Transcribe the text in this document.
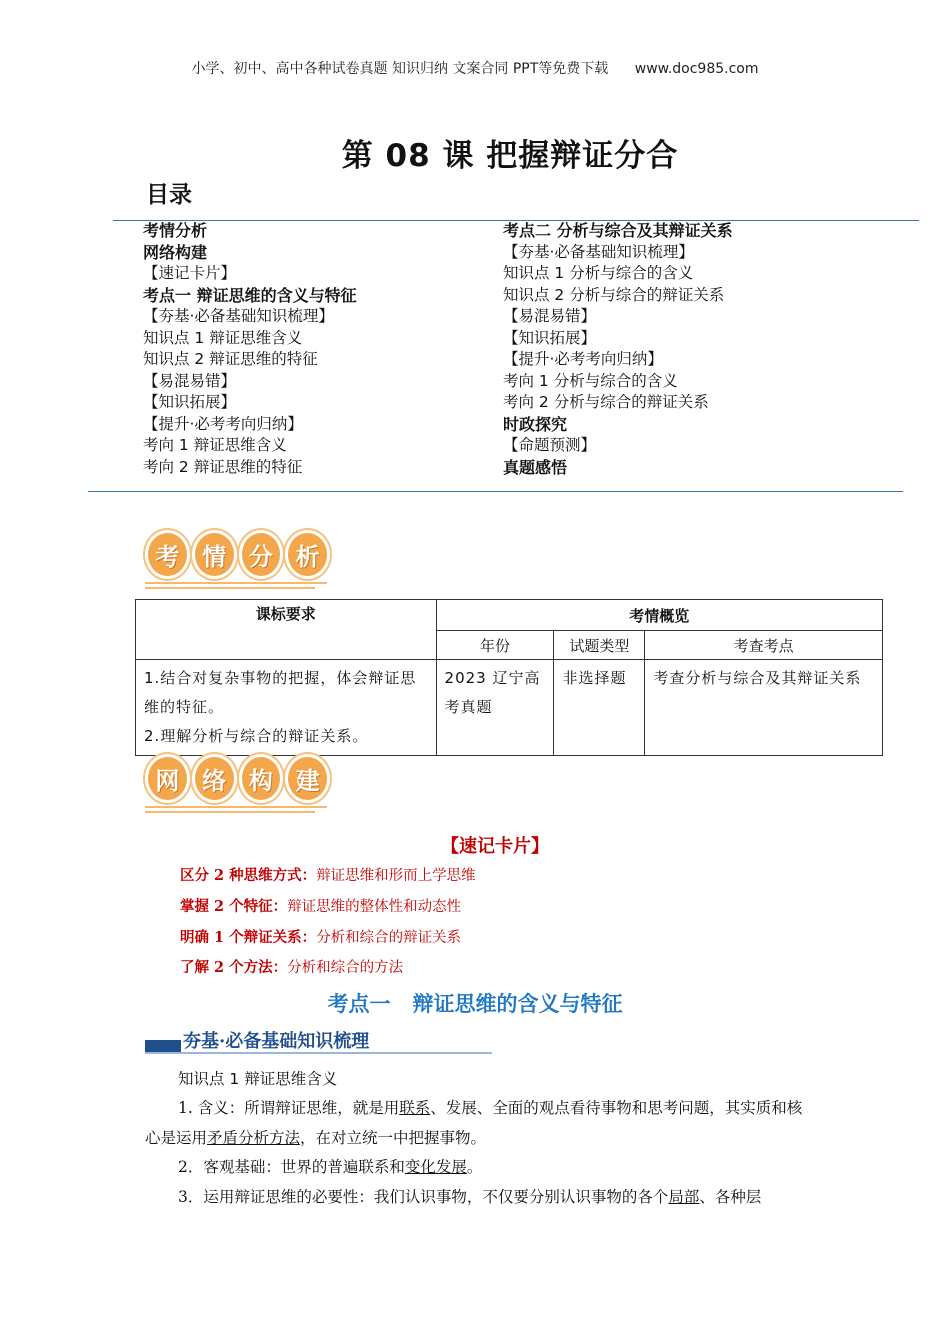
小学、初中、高中各种试卷真题 知识归纳 文案合同 PPT等免费下载 www.doc985.com
第 08 课 把握辩证分合
目录
考情分析
网络构建
【速记卡片】
考点一 辩证思维的含义与特征
【夯基·必备基础知识梳理】
知识点 1 辩证思维含义
知识点 2 辩证思维的特征
【易混易错】
【知识拓展】
【提升·必考考向归纳】
考向 1 辩证思维含义
考向 2 辩证思维的特征
考点二 分析与综合及其辩证关系
【夯基·必备基础知识梳理】
知识点 1 分析与综合的含义
知识点 2 分析与综合的辩证关系
【易混易错】
【知识拓展】
【提升·必考考向归纳】
考向 1 分析与综合的含义
考向 2 分析与综合的辩证关系
时政探究
【命题预测】
真题感悟
考 情 分 析
课标要求	考情概览		
	年份	试题类型	考查考点

1.结合对复杂事物的把握，体会辩证思维的特征。
2.理解分析与综合的辩证关系。	2023 辽宁高考真题	非选择题	考查分析与综合及其辩证关系
网 络 构 建
【速记卡片】
区分 2 种思维方式：辩证思维和形而上学思维
掌握 2 个特征：辩证思维的整体性和动态性
明确 1 个辩证关系：分析和综合的辩证关系
了解 2 个方法：分析和综合的方法
考点一 辩证思维的含义与特征
夯基·必备基础知识梳理
知识点 1 辩证思维含义
1. 含义：所谓辩证思维，就是用联系、发展、全面的观点看待事物和思考问题，其实质和核心是运用矛盾分析方法，在对立统一中把握事物。
2．客观基础：世界的普遍联系和变化发展。
3．运用辩证思维的必要性：我们认识事物，不仅要分别认识事物的各个局部、各种层
